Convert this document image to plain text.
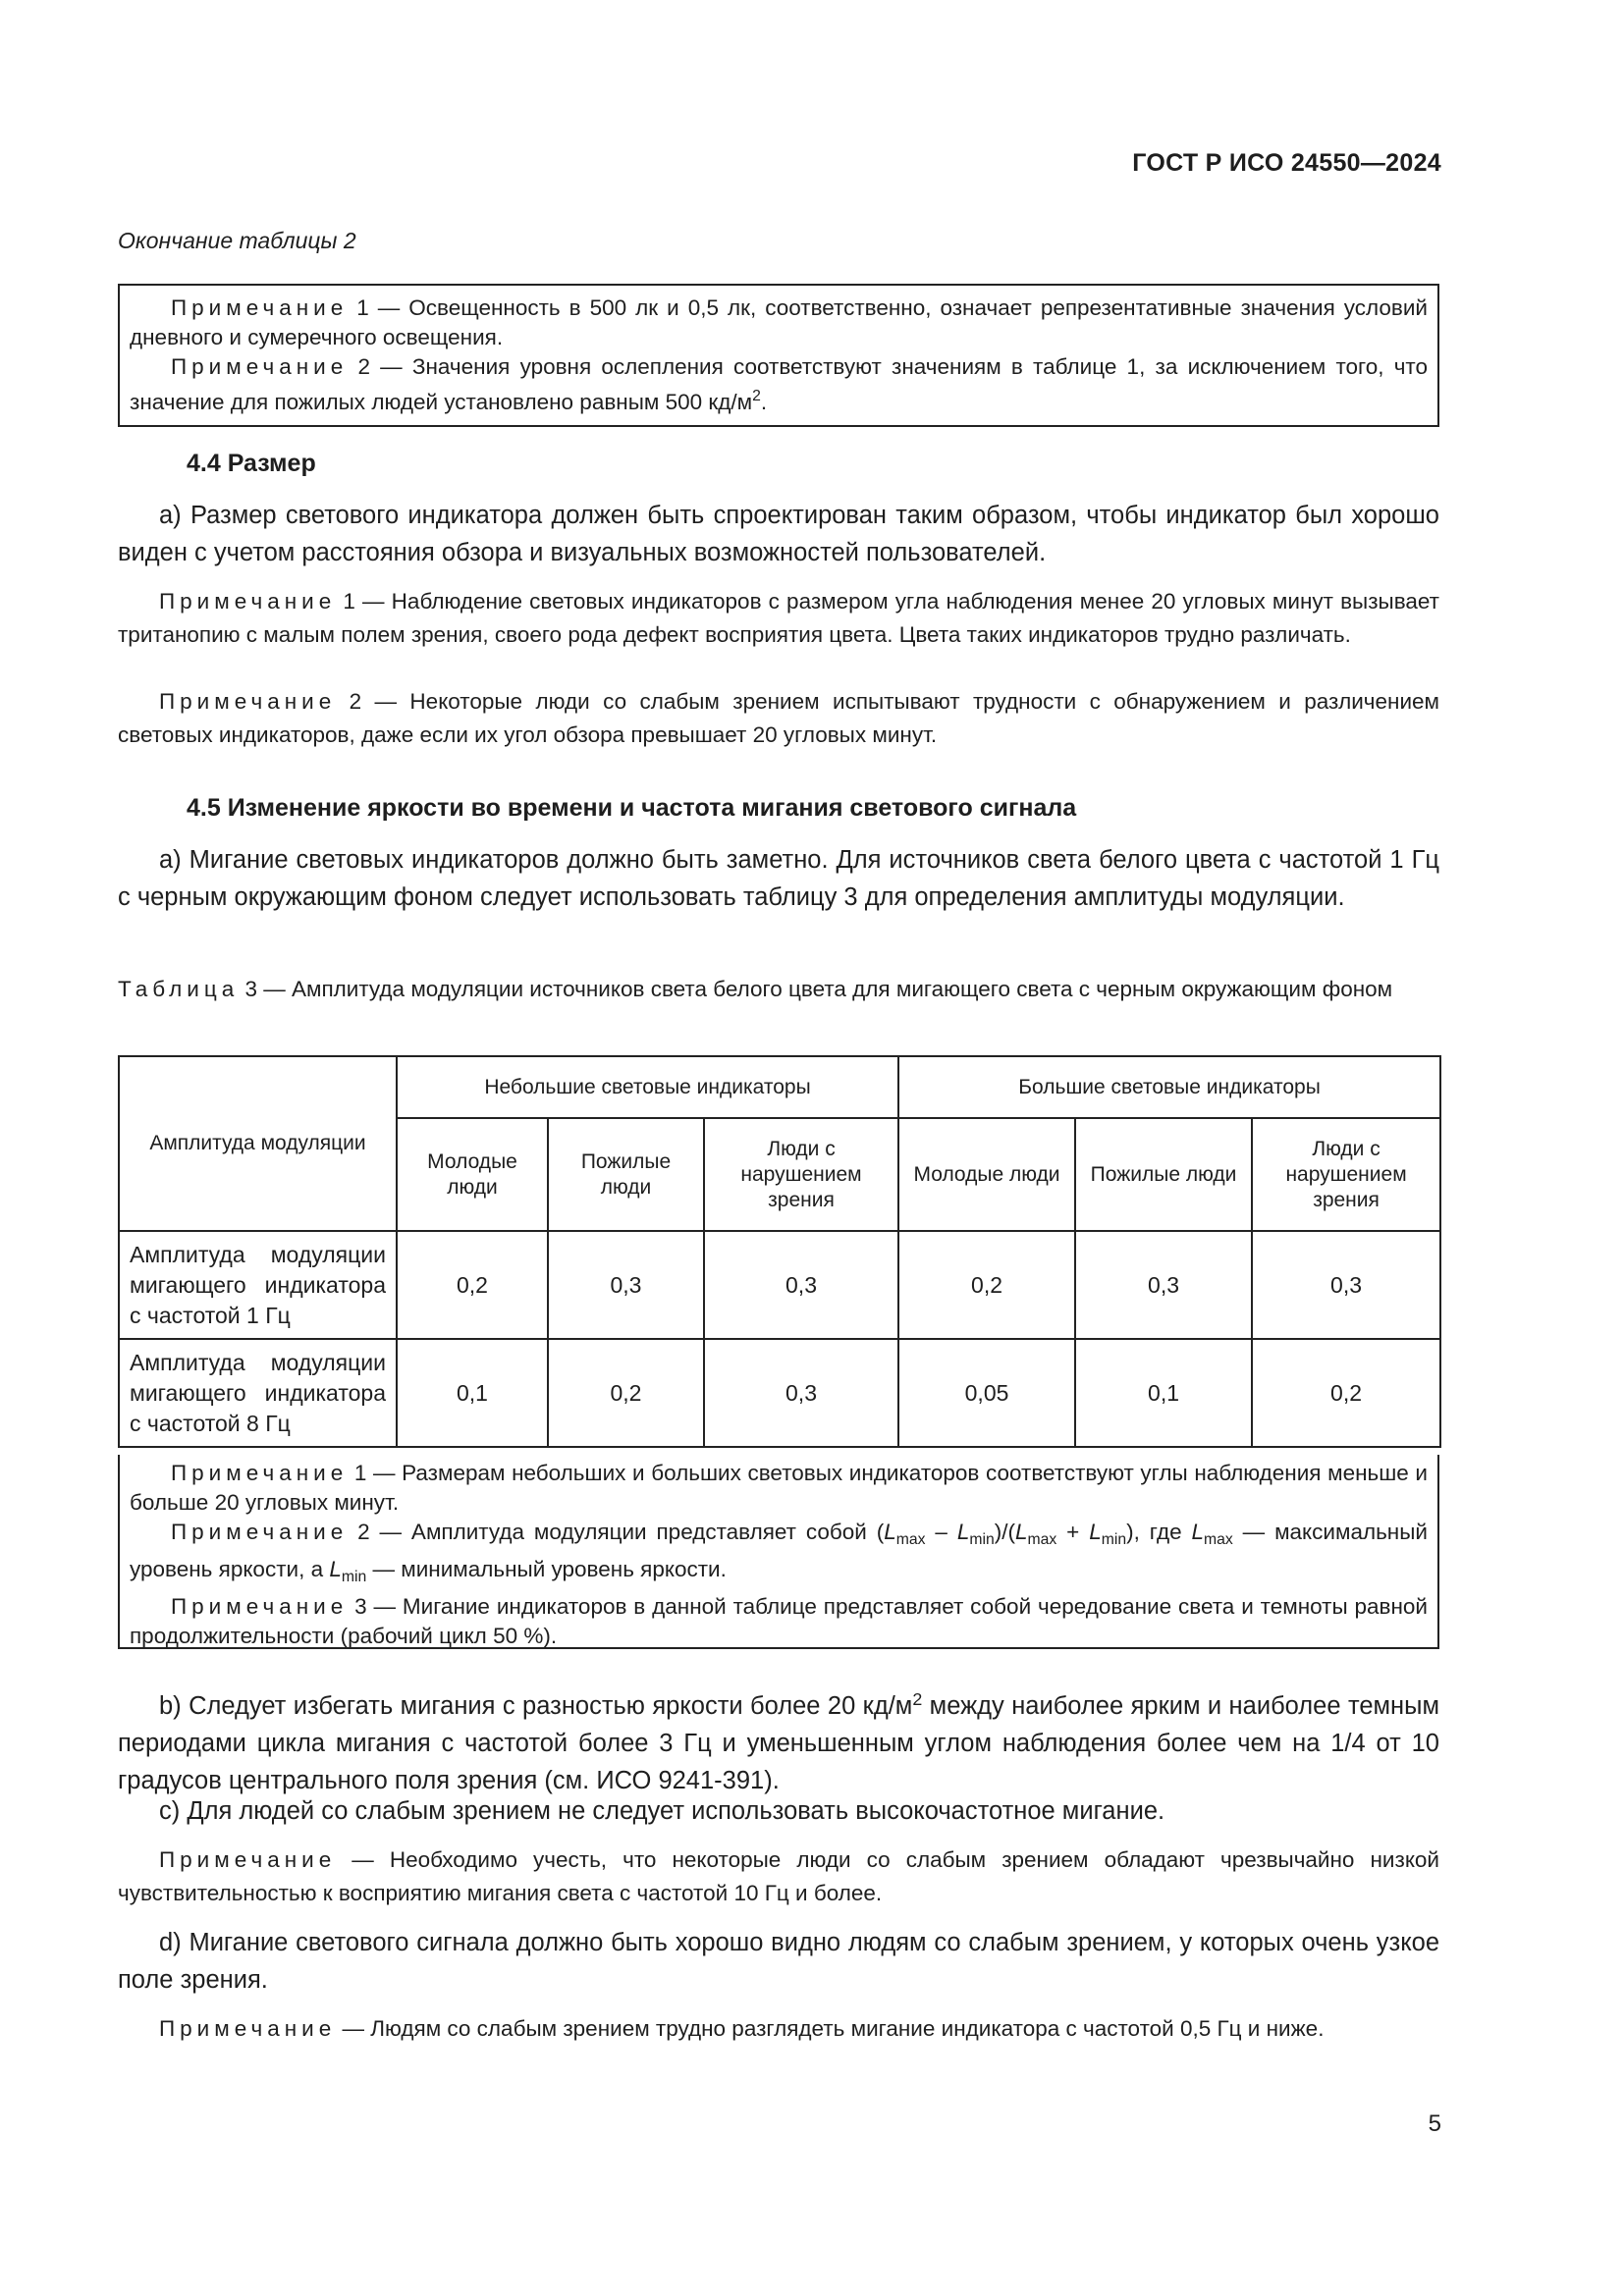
ГОСТ Р ИСО 24550—2024
Окончание таблицы 2

Примечание 1 — Освещенность в 500 лк и 0,5 лк, соответственно, означает репрезентативные значения условий дневного и сумеречного освещения.

Примечание 2 — Значения уровня ослепления соответствуют значениям в таблице 1, за исключением того, что значение для пожилых людей установлено равным 500 $кд/м^2$.

4.4 Размер

a) Размер светового индикатора должен быть спроектирован таким образом, чтобы индикатор был хорошо виден с учетом расстояния обзора и визуальных возможностей пользователей.

Примечание 1 — Наблюдение световых индикаторов с размером угла наблюдения менее 20 угловых минут вызывает тританопию с малым полем зрения, своего рода дефект восприятия цвета. Цвета таких индикаторов трудно различать.

Примечание 2 — Некоторые люди со слабым зрением испытывают трудности с обнаружением и различением световых индикаторов, даже если их угол обзора превышает 20 угловых минут.

4.5 Изменение яркости во времени и частота мигания светового сигнала

a) Мигание световых индикаторов должно быть заметно. Для источников света белого цвета с частотой 1 Гц с черным окружающим фоном следует использовать таблицу 3 для определения амплитуды модуляции.

Таблица 3 — Амплитуда модуляции источников света белого цвета для мигающего света с черным окружающим фоном

Амплитуда модуляции	Небольшие световые индикаторы			Большие световые индикаторы		
	Молодые люди	Пожилые люди	Люди с нарушением зрения	Молодые люди	Пожилые люди	Люди с нарушением зрения
Амплитуда модуляции мигающего индикатора с частотой 1 Гц	0,2	0,3	0,3	0,2	0,3	0,3
Амплитуда модуляции мигающего индикатора с частотой 8 Гц	0,1	0,2	0,3	0,05	0,1	0,2

Примечание 1 — Размерам небольших и больших световых индикаторов соответствуют углы наблюдения меньше и больше 20 угловых минут.

Примечание 2 — Амплитуда модуляции представляет собой $(L_{max} - L_{min})/(L_{max} + L_{min})$, где $L_{max}$ — максимальный уровень яркости, а $L_{min}$ — минимальный уровень яркости.

Примечание 3 — Мигание индикаторов в данной таблице представляет собой чередование света и темноты равной продолжительности (рабочий цикл 50 %).

b) Следует избегать мигания с разностью яркости более 20 $кд/м^2$ между наиболее ярким и наиболее темным периодами цикла мигания с частотой более 3 Гц и уменьшенным углом наблюдения более чем на 1/4 от 10 градусов центрального поля зрения (см. ИСО 9241-391).

c) Для людей со слабым зрением не следует использовать высокочастотное мигание.

Примечание — Необходимо учесть, что некоторые люди со слабым зрением обладают чрезвычайно низкой чувствительностью к восприятию мигания света с частотой 10 Гц и более.

d) Мигание светового сигнала должно быть хорошо видно людям со слабым зрением, у которых очень узкое поле зрения.

Примечание — Людям со слабым зрением трудно разглядеть мигание индикатора с частотой 0,5 Гц и ниже.

5
